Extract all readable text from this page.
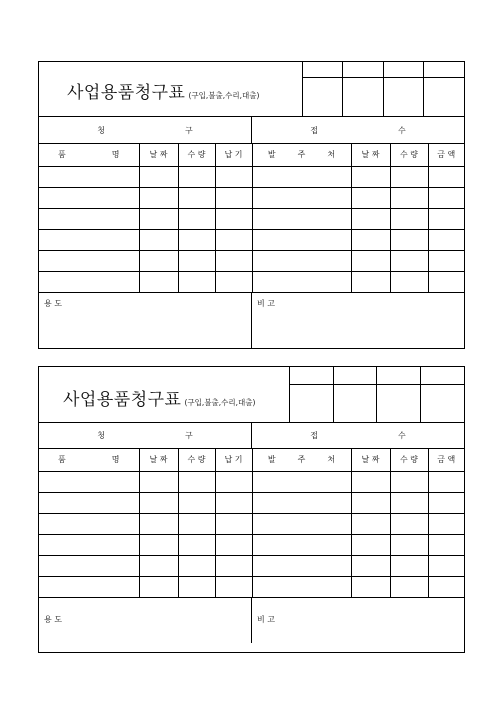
사업용품청구표 (구입,불출,수리,대출)
청	구	접	수
품 명	날 짜	수 량	납 기	발 주 처	날 짜	수 량	금 액

용 도	비 고
사업용품청구표 (구입,불출,수리,대출)
청	구	접	수
품 명	날 짜	수 량	납 기	발 주 처	날 짜	수 량	금 액

용 도	비 고
